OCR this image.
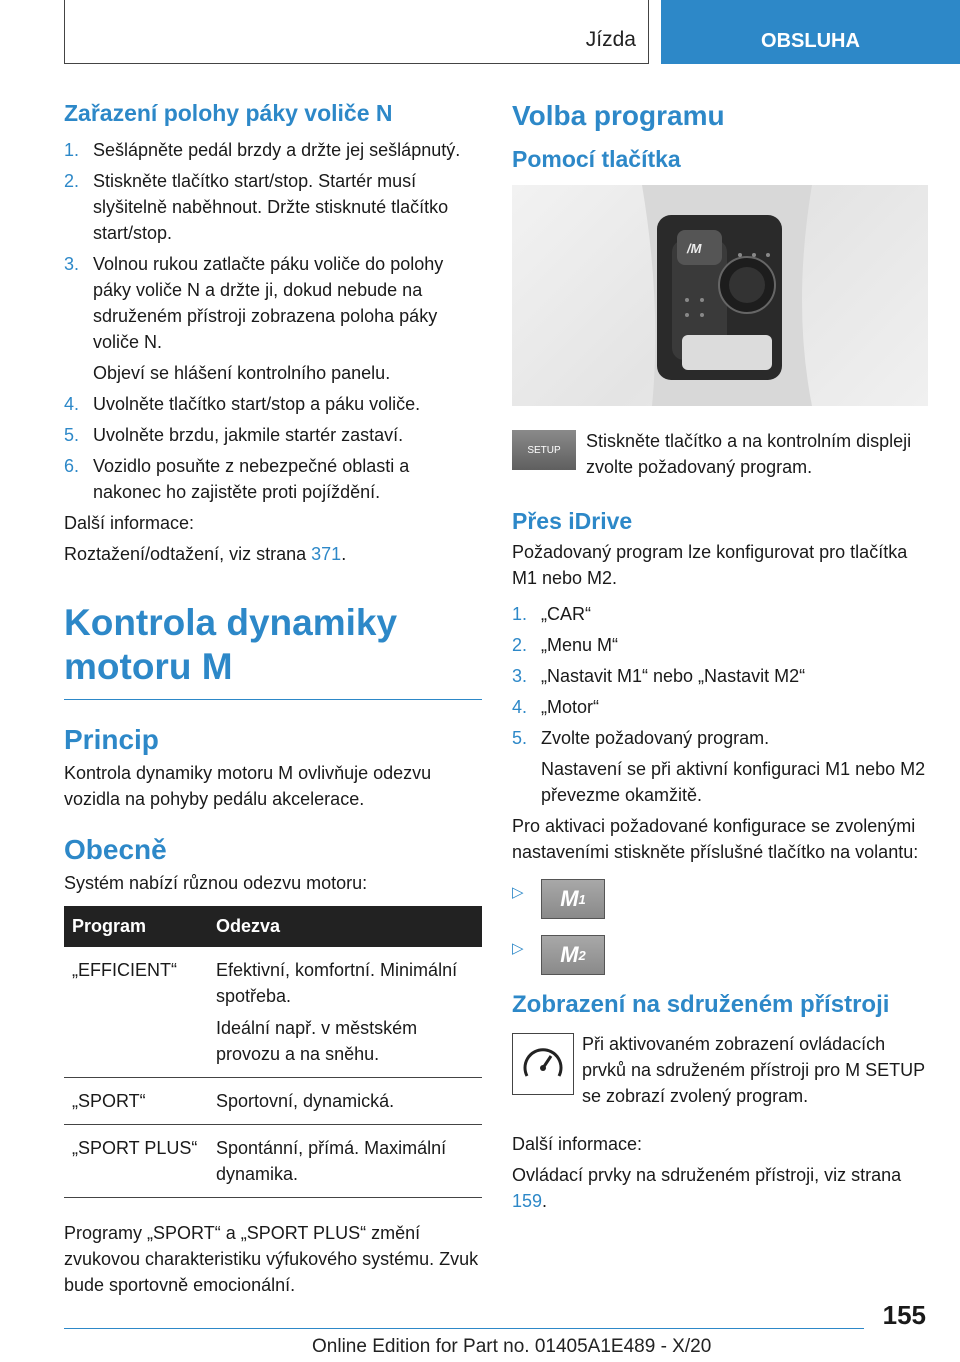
Jízda	OBSLUHA
Zařazení polohy páky voliče N
1. Sešlápněte pedál brzdy a držte jej sešlápnutý.
2. Stiskněte tlačítko start/stop. Startér musí slyšitelně naběhnout. Držte stisknuté tlačítko start/stop.
3. Volnou rukou zatlačte páku voliče do polohy páky voliče N a držte ji, dokud nebude na sdruženém přístroji zobrazena poloha páky voliče N.
Objeví se hlášení kontrolního panelu.
4. Uvolněte tlačítko start/stop a páku voliče.
5. Uvolněte brzdu, jakmile startér zastaví.
6. Vozidlo posuňte z nebezpečné oblasti a nakonec ho zajistěte proti pojíždění.

Další informace:

Roztažení/odtažení, viz strana 371.

Kontrola dynamiky motoru M
Princip

Kontrola dynamiky motoru M ovlivňuje odezvu vozidla na pohyby pedálu akcelerace.

Obecně

Systém nabízí různou odezvu motoru:

Program	Odezva
„EFFICIENT“	Efektivní, komfortní. Minimální spotřeba.
Ideální např. v městském provozu a na sněhu.

„SPORT“	Sportovní, dynamická.

„SPORT PLUS“	Spontánní, přímá. Maximální dynamika.

Programy „SPORT“ a „SPORT PLUS“ změní zvukovou charakteristiku výfukového systému. Zvuk bude sportovně emocionální.

Volba programu
Pomocí tlačítka
/M
SETUP	Stiskněte tlačítko a na kontrolním displeji zvolte požadovaný program.

Přes iDrive

Požadovaný program lze konfigurovat pro tlačítka M1 nebo M2.

1. „CAR“
2. „Menu M“
3. „Nastavit M1“ nebo „Nastavit M2“
4. „Motor“
5. Zvolte požadovaný program.
Nastavení se při aktivní konfiguraci M1 nebo M2 převezme okamžitě.

Pro aktivaci požadované konfigurace se zvolenými nastaveními stiskněte příslušné tlačítko na volantu:

▷	M 1
▷	M 2
Zobrazení na sdruženém přístroji

Při aktivovaném zobrazení ovládacích prvků na sdruženém přístroji pro M SETUP se zobrazí zvolený program.

Další informace:

Ovládací prvky na sdruženém přístroji, viz strana 159.

155
Online Edition for Part no. 01405A1E489 - X/20
